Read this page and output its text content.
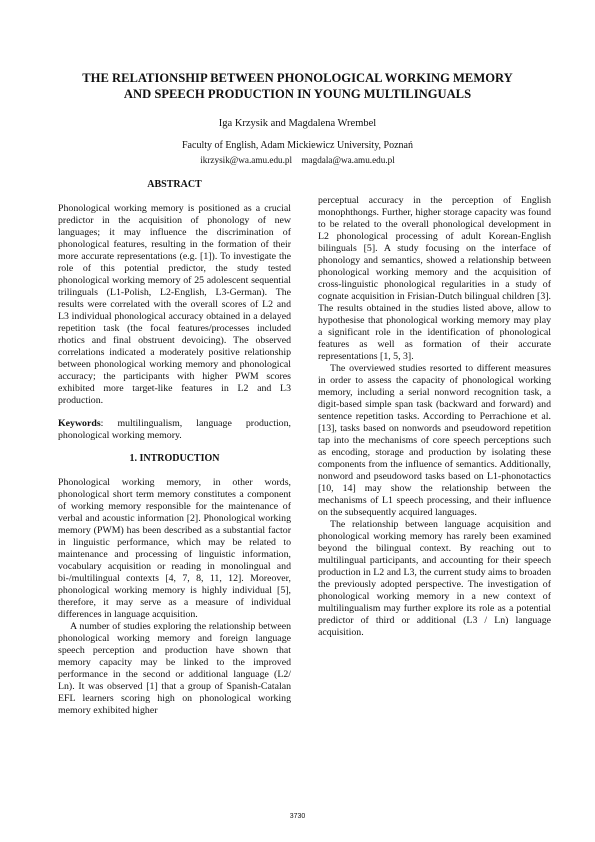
THE RELATIONSHIP BETWEEN PHONOLOGICAL WORKING MEMORY
AND SPEECH PRODUCTION IN YOUNG MULTILINGUALS
Iga Krzysik and Magdalena Wrembel
Faculty of English, Adam Mickiewicz University, Poznań
ikrzysik@wa.amu.edu.pl magdala@wa.amu.edu.pl
ABSTRACT

Phonological working memory is positioned as a crucial predictor in the acquisition of phonology of new languages; it may influence the discrimination of phonological features, resulting in the formation of their more accurate representations (e.g. [1]). To investigate the role of this potential predictor, the study tested phonological working memory of 25 adolescent sequential trilinguals (L1-Polish, L2-English, L3-German). The results were correlated with the overall scores of L2 and L3 individual phonological accuracy obtained in a delayed repetition task (the focal features/processes included rhotics and final obstruent devoicing). The observed correlations indicated a moderately positive relationship between phonological working memory and phonological accuracy; the participants with higher PWM scores exhibited more target-like features in L2 and L3 production.

Keywords: multilingualism, language production, phonological working memory.

1. INTRODUCTION

Phonological working memory, in other words, phonological short term memory constitutes a component of working memory responsible for the maintenance of verbal and acoustic information [2]. Phonological working memory (PWM) has been described as a substantial factor in linguistic performance, which may be related to maintenance and processing of linguistic information, vocabulary acquisition or reading in monolingual and bi-/multilingual contexts [4, 7, 8, 11, 12]. Moreover, phonological working memory is highly individual [5], therefore, it may serve as a measure of individual differences in language acquisition.

A number of studies exploring the relationship between phonological working memory and foreign language speech perception and production have shown that memory capacity may be linked to the improved performance in the second or additional language (L2/ Ln). It was observed [1] that a group of Spanish-Catalan EFL learners scoring high on phonological working memory exhibited higher

perceptual accuracy in the perception of English monophthongs. Further, higher storage capacity was found to be related to the overall phonological development in L2 phonological processing of adult Korean-English bilinguals [5]. A study focusing on the interface of phonology and semantics, showed a relationship between phonological working memory and the acquisition of cross-linguistic phonological regularities in a study of cognate acquisition in Frisian-Dutch bilingual children [3]. The results obtained in the studies listed above, allow to hypothesise that phonological working memory may play a significant role in the identification of phonological features as well as formation of their accurate representations [1, 5, 3].

The overviewed studies resorted to different measures in order to assess the capacity of phonological working memory, including a serial nonword recognition task, a digit-based simple span task (backward and forward) and sentence repetition tasks. According to Perrachione et al. [13], tasks based on nonwords and pseudoword repetition tap into the mechanisms of core speech perceptions such as encoding, storage and production by isolating these components from the influence of semantics. Additionally, nonword and pseudoword tasks based on L1-phonotactics [10, 14] may show the relationship between the mechanisms of L1 speech processing, and their influence on the subsequently acquired languages.

The relationship between language acquisition and phonological working memory has rarely been examined beyond the bilingual context. By reaching out to multilingual participants, and accounting for their speech production in L2 and L3, the current study aims to broaden the previously adopted perspective. The investigation of phonological working memory in a new context of multilingualism may further explore its role as a potential predictor of third or additional (L3 / Ln) language acquisition.

3730
